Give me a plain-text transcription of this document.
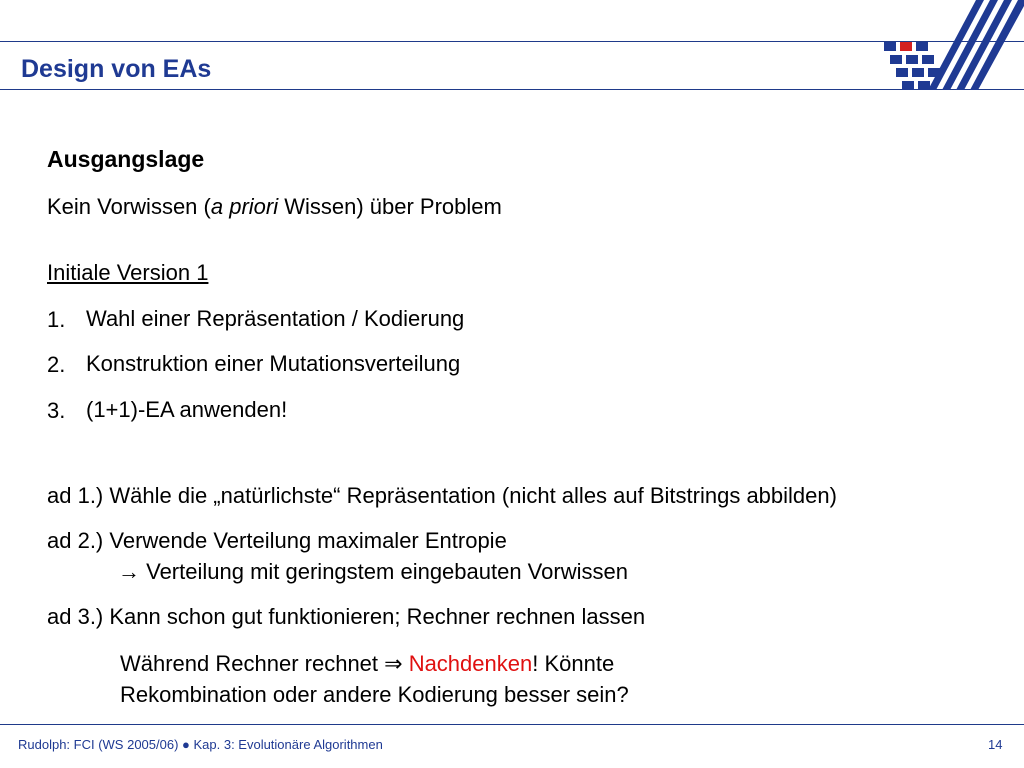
Design von EAs
Ausgangslage
Kein Vorwissen (a priori Wissen) über Problem
Initiale Version 1
1. Wahl einer Repräsentation / Kodierung
2. Konstruktion einer Mutationsverteilung
3. (1+1)-EA anwenden!
ad 1.) Wähle die „natürlichste“ Repräsentation (nicht alles auf Bitstrings abbilden)
ad 2.) Verwende Verteilung maximaler Entropie
→ Verteilung mit geringstem eingebauten Vorwissen
ad 3.) Kann schon gut funktionieren; Rechner rechnen lassen
Während Rechner rechnet ⇒ Nachdenken! Könnte
Rekombination oder andere Kodierung besser sein?
Rudolph: FCI (WS 2005/06) ● Kap. 3: Evolutionäre Algorithmen	14
